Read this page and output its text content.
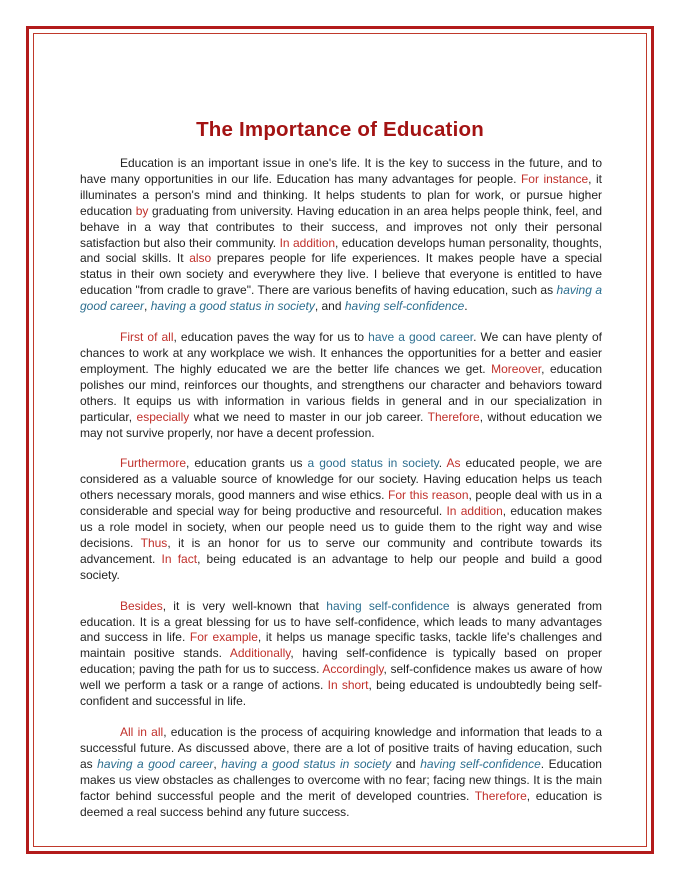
The Importance of Education

Education is an important issue in one's life. It is the key to success in the future, and to have many opportunities in our life. Education has many advantages for people. For instance, it illuminates a person's mind and thinking. It helps students to plan for work, or pursue higher education by graduating from university. Having education in an area helps people think, feel, and behave in a way that contributes to their success, and improves not only their personal satisfaction but also their community. In addition, education develops human personality, thoughts, and social skills. It also prepares people for life experiences. It makes people have a special status in their own society and everywhere they live. I believe that everyone is entitled to have education "from cradle to grave". There are various benefits of having education, such as having a good career, having a good status in society, and having self-confidence.

First of all, education paves the way for us to have a good career. We can have plenty of chances to work at any workplace we wish. It enhances the opportunities for a better and easier employment. The highly educated we are the better life chances we get. Moreover, education polishes our mind, reinforces our thoughts, and strengthens our character and behaviors toward others. It equips us with information in various fields in general and in our specialization in particular, especially what we need to master in our job career. Therefore, without education we may not survive properly, nor have a decent profession.

Furthermore, education grants us a good status in society. As educated people, we are considered as a valuable source of knowledge for our society. Having education helps us teach others necessary morals, good manners and wise ethics. For this reason, people deal with us in a considerable and special way for being productive and resourceful. In addition, education makes us a role model in society, when our people need us to guide them to the right way and wise decisions. Thus, it is an honor for us to serve our community and contribute towards its advancement. In fact, being educated is an advantage to help our people and build a good society.

Besides, it is very well-known that having self-confidence is always generated from education. It is a great blessing for us to have self-confidence, which leads to many advantages and success in life. For example, it helps us manage specific tasks, tackle life's challenges and maintain positive stands. Additionally, having self-confidence is typically based on proper education; paving the path for us to success. Accordingly, self-confidence makes us aware of how well we perform a task or a range of actions. In short, being educated is undoubtedly being self-confident and successful in life.

All in all, education is the process of acquiring knowledge and information that leads to a successful future. As discussed above, there are a lot of positive traits of having education, such as having a good career, having a good status in society and having self-confidence. Education makes us view obstacles as challenges to overcome with no fear; facing new things. It is the main factor behind successful people and the merit of developed countries. Therefore, education is deemed a real success behind any future success.
